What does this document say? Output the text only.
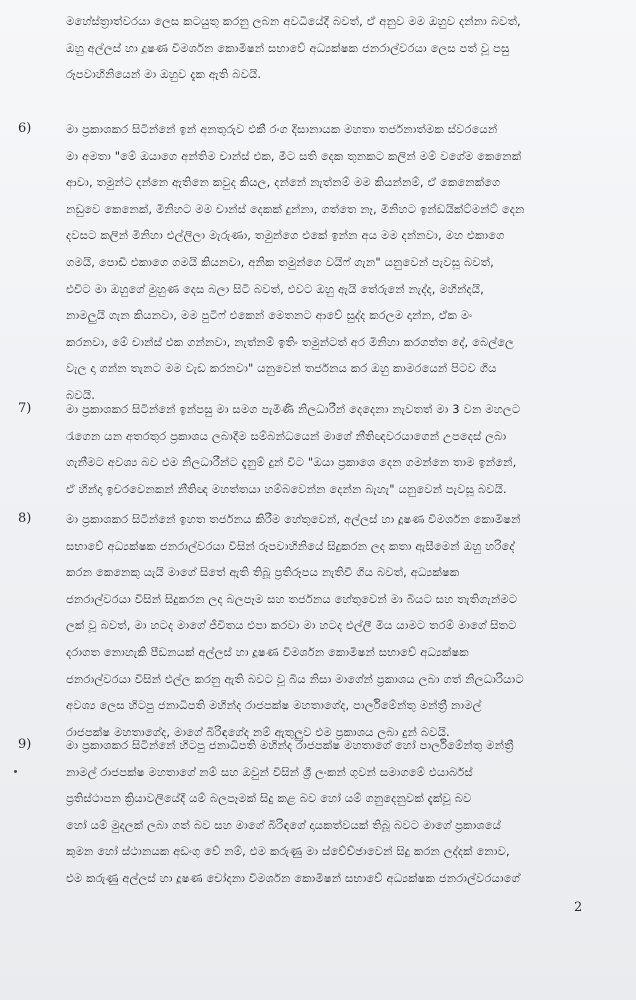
මහේස්ත්‍රාත්වරයා ලෙස කටයුතු කරනු ලබන අවධියේදී බවත්, ඒ අනුව මම ඔහුව දන්නා බවත්,
ඔහු අල්ලස් හා දූෂණ විමර්ශන කොමිෂන් සභාවේ අධ්‍යක්ෂක ජනරාල්වරයා ලෙස පත් වූ පසු
රූපවාහිනියෙන් මා ඔහුව දැක ඇති බවයි.
6)	මා ප්‍රකාශකර සිටින්නේ ඉන් අනතුරුව එකී රංග දිසානායක මහතා තර්ජනාත්මක ස්වරයෙන්
මා අමතා "මේ ඔයාගෙ අන්තිම චාන්ස් එක, මීට සති දෙක තුනකට කලින් මම් වගේම කෙනෙක්
ආවා, තමුන්ට දන්නෙ ඇතිනෙ කවුද කියල, දන්නේ නැත්නම් මම කියන්නම්, ඒ කෙනෙක්ගෙ
නඩුවෙ කෙනෙක්, මිනිහට මම චාන්ස් දෙකක් දුන්නා, ගත්තෙ නෑ, මිනිහට ඉන්ඩයික්ට්මන්ට් දෙන
දවසට කලින් මිනිහා එල්ලිලා මැරුණා, තමුන්ගෙ එකේ ඉන්න අය මම දන්නවා, මහ එකාගෙ
ගමයි, පොඩි එකාගෙ ගමයි කියනවා, අනික තමුන්ගෙ වයිෆ් ගැන" යනුවෙන් පැවසූ බවත්,
එවිට මා ඔහුගේ මුහුණ දෙස බලා සිටි බවත්, එවට ඔහු ඇයි තේරුනේ නැද්ද, මහින්දයි,
නාමලුයි ගැන කියනවා, මම පුටිෆ් එකෙන් මෙතනට ආවේ සුද්ද කරලම දාන්න, ඒක මං
කරනවා, මේ චාන්ස් එක ගන්නවා, නැත්නම් ඉතිං තමුන්ටත් අර මිනිහා කරගත්ත දේ, බෙල්ලෙ
වැල දා ගන්න තැනට මම වැඩ කරනවා" යනුවෙන් තර්ජනය කර ඔහු කාමරයෙන් පිටව ගිය
බවයි.
7)	මා ප්‍රකාශකර සිටින්නේ ඉන්පසු මා සමග පැමිණි නිලධාරීන් දෙදෙනා නැවතත් මා 3 වන මහලට
රැගෙන යන අතරතුර ප්‍රකාශය ලබාදීම සම්බන්ධයෙන් මාගේ නීතිඥවරයාගෙන් උපදෙස් ලබා
ගැනීමට අවශ්‍ය බව එම නිලධාරීන්ට දැනුම් දුන් විට "ඔයා ප්‍රකාශෙ දෙන ගමන්නෙ තාම ඉන්නේ,
ඒ හින්දා ඉචරවෙනකන් නීතිඥ මහත්තයා හම්බවෙන්න දෙන්න බැහැ" යනුවෙන් පැවසූ බවයි.
8)	මා ප්‍රකාශකර සිටින්නේ ඉහත තර්ජනය කිරීම හේතුවෙන්, අල්ලස් හා දූෂණ විමර්ශන කොමිෂන්
සභාවේ අධ්‍යක්ෂක ජනරාල්වරයා විසින් රූපවාහිනියේ සිදුකරන ලද කතා ඇසීමෙන් ඔහු හරිදේ
කරන කෙනෙකු යැයි මාගේ සිතේ ඇති තිබූ ප්‍රතිරූපය නැතිවී ගිය බවත්, අධ්‍යක්ෂක
ජනරාල්වරයා විසින් සිදුකරන ලද බලපෑම සහ තර්ජනය හේතුවෙන් මා බියට සහ තැතිගැන්මට
ලක් වූ බවත්, මා හටද මාගේ ජීවිතය එපා කරවා මා හටද එල්ලී මිය යාමට තරම් මාගේ සිතට
දරාගත නොහැකි පීඩනයක් අල්ලස් හා දූෂණ විමර්ශන කොමිෂන් සභාවේ අධ්‍යක්ෂක
ජනරාල්වරයා විසින් එල්ල කරනු ඇති බවට වූ බිය නිසා මාගේන් ප්‍රකාශය ලබා ගත් නිලධාරියාට
අවශ්‍ය ලෙස හිටපු ජනාධිපති මහින්ද රාජපක්ෂ මහතාගේද, පාර්ලිමේන්තු මන්ත්‍රී නාමල්
රාජපක්ෂ මහතාගේද, මාගේ බිරිඳගේද නම් ඇතුලුව එම ප්‍රකාශය ලබා දුන් බවයි.
9)	මා ප්‍රකාශකර සිටින්නේ හිටපු ජනාධිපති මහින්ද රාජපක්ෂ මහතාගේ හෝ පාර්ලිමේන්තු මන්ත්‍රී
නාමල් රාජපක්ෂ මහතාගේ නම් සහ ඔවුන් විසින් ශ්‍රී ලංකන් ගුවන් සමාගමේ එයාර්බස්
ප්‍රතිස්ථාපන ක්‍රියාවලියේදී යම් බලපෑමක් සිදු කළ බව හෝ යම් ගනුදෙනුවක් දැක්වූ බව
හෝ යම් මුදලක් ලබා ගත් බව සහ මාගේ බිරිඳගේ දායකත්වයක් තිබූ බවට මාගේ ප්‍රකාශයේ
කුමන හෝ ස්ථානයක අඩංගු වේ නම්, එම කරුණු මා ස්වේච්ඡාවෙන් සිදු කරන ලද්දක් නොව,
එම කරුණු අල්ලස් හා දූෂණ චෝදනා විමර්ශන කොමිෂන් සභාවේ අධ්‍යක්ෂක ජනරාල්වරයාගේ
2
